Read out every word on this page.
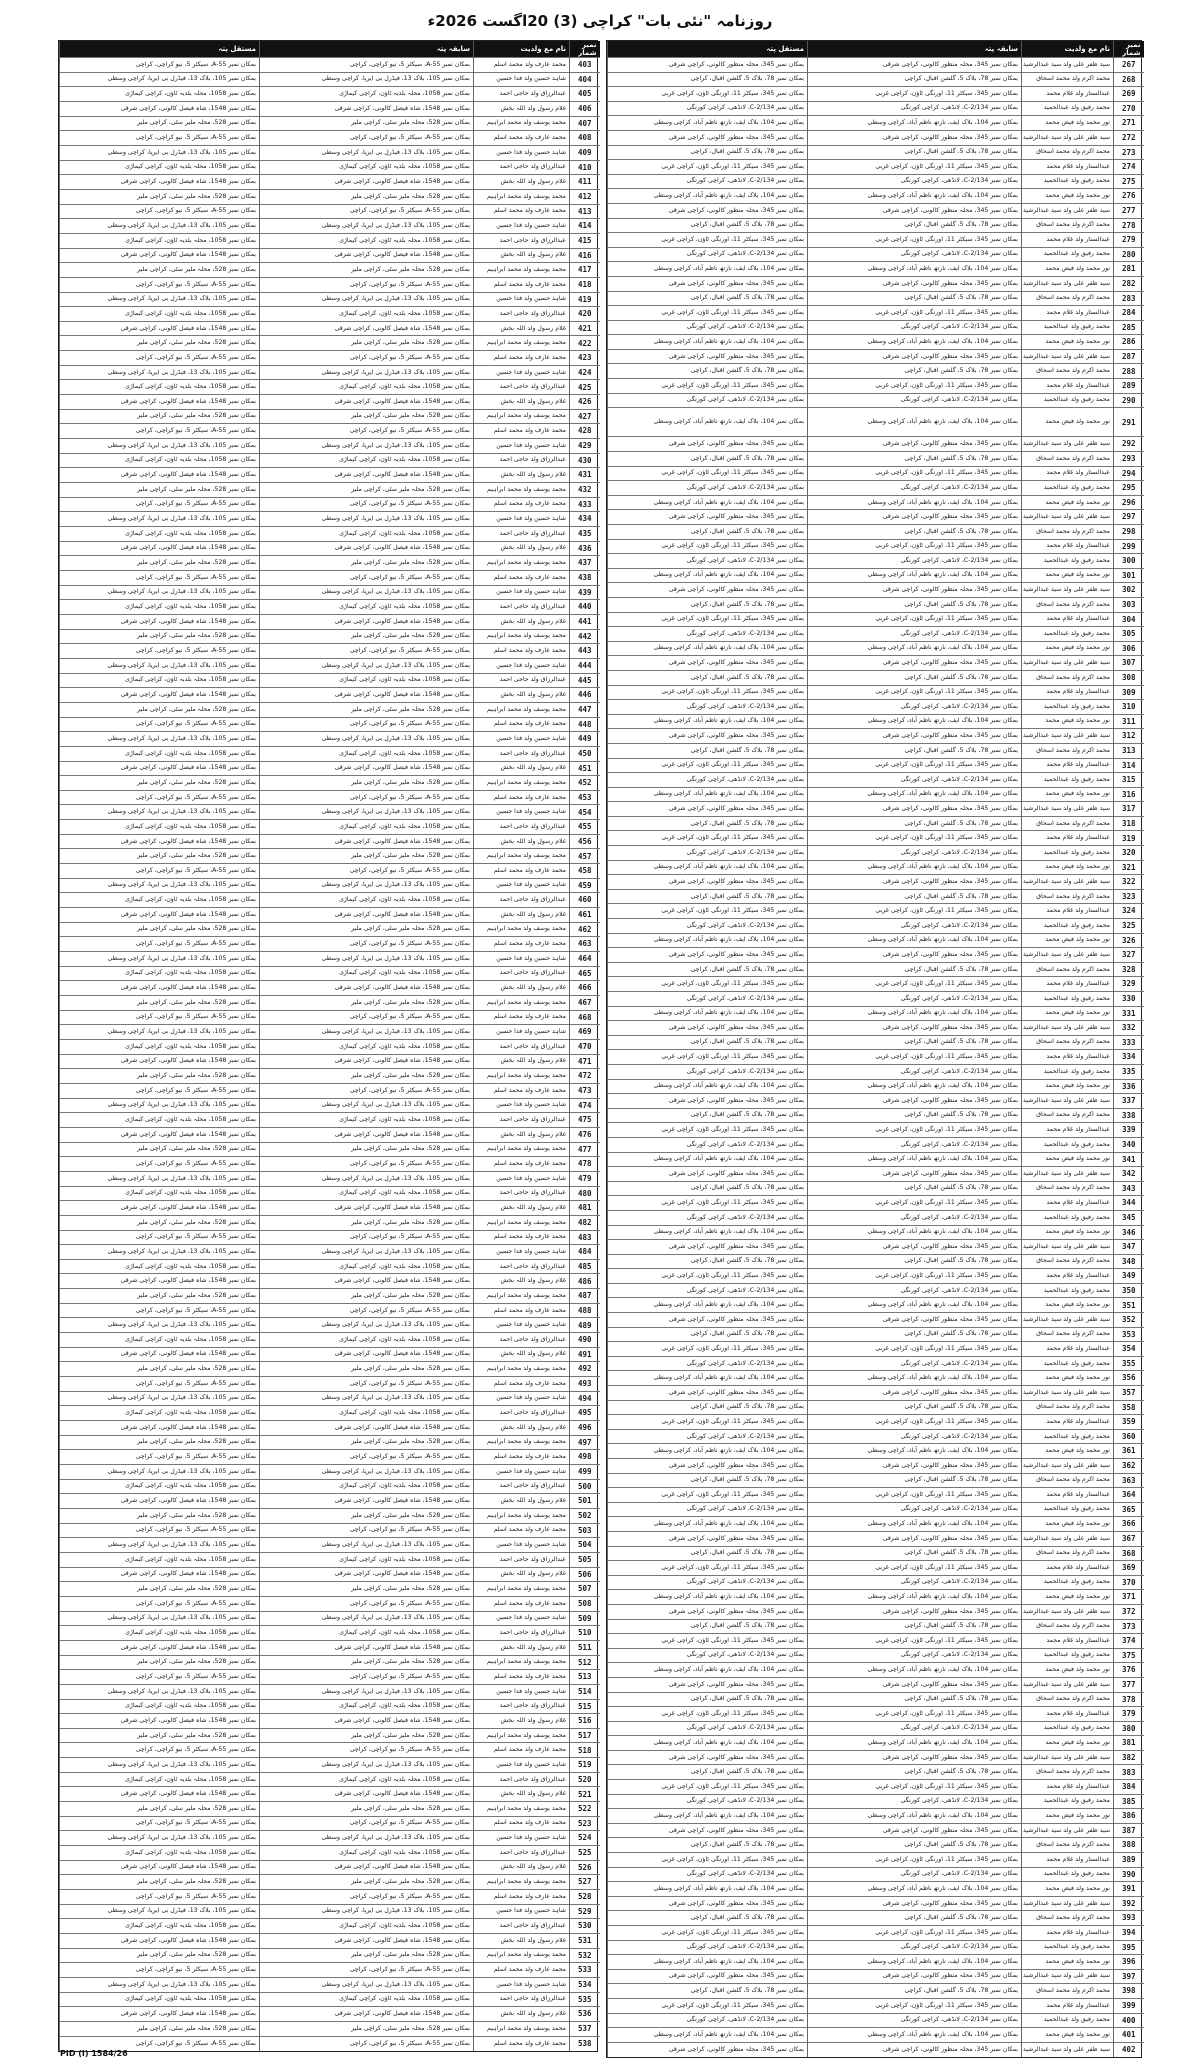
روزنامہ "نئی بات" کراچی (3) 20اگست 2026ء
نمبر شمار	نام مع ولدیت	سابقہ پتہ	مستقل پتہ
267	سید ظفر علی ولد سید عبدالرشید	بمکان نمبر 345، محلہ منظور کالونی، کراچی شرقی	بمکان نمبر 345، محلہ منظور کالونی، کراچی شرقی
268	محمد اکرم ولد محمد اسحاق	بمکان نمبر 78، بلاک 5، گلشن اقبال، کراچی	بمکان نمبر 78، بلاک 5، گلشن اقبال، کراچی
269	عبدالستار ولد غلام محمد	بمکان نمبر 345، سیکٹر 11، اورنگی ٹاؤن، کراچی غربی	بمکان نمبر 345، سیکٹر 11، اورنگی ٹاؤن، کراچی غربی
270	محمد رفیق ولد عبدالحمید	بمکان نمبر 2/134-C، لانڈھی، کراچی کورنگی	بمکان نمبر 2/134-C، لانڈھی، کراچی کورنگی
271	نور محمد ولد فیض محمد	بمکان نمبر 104، بلاک ایف، نارتھ ناظم آباد، کراچی وسطی	بمکان نمبر 104، بلاک ایف، نارتھ ناظم آباد، کراچی وسطی
272	سید ظفر علی ولد سید عبدالرشید	بمکان نمبر 345، محلہ منظور کالونی، کراچی شرقی	بمکان نمبر 345، محلہ منظور کالونی، کراچی شرقی
273	محمد اکرم ولد محمد اسحاق	بمکان نمبر 78، بلاک 5، گلشن اقبال، کراچی	بمکان نمبر 78، بلاک 5، گلشن اقبال، کراچی
274	عبدالستار ولد غلام محمد	بمکان نمبر 345، سیکٹر 11، اورنگی ٹاؤن، کراچی غربی	بمکان نمبر 345، سیکٹر 11، اورنگی ٹاؤن، کراچی غربی
275	محمد رفیق ولد عبدالحمید	بمکان نمبر 2/134-C، لانڈھی، کراچی کورنگی	بمکان نمبر 2/134-C، لانڈھی، کراچی کورنگی
276	نور محمد ولد فیض محمد	بمکان نمبر 104، بلاک ایف، نارتھ ناظم آباد، کراچی وسطی	بمکان نمبر 104، بلاک ایف، نارتھ ناظم آباد، کراچی وسطی
277	سید ظفر علی ولد سید عبدالرشید	بمکان نمبر 345، محلہ منظور کالونی، کراچی شرقی	بمکان نمبر 345، محلہ منظور کالونی، کراچی شرقی
278	محمد اکرم ولد محمد اسحاق	بمکان نمبر 78، بلاک 5، گلشن اقبال، کراچی	بمکان نمبر 78، بلاک 5، گلشن اقبال، کراچی
279	عبدالستار ولد غلام محمد	بمکان نمبر 345، سیکٹر 11، اورنگی ٹاؤن، کراچی غربی	بمکان نمبر 345، سیکٹر 11، اورنگی ٹاؤن، کراچی غربی
280	محمد رفیق ولد عبدالحمید	بمکان نمبر 2/134-C، لانڈھی، کراچی کورنگی	بمکان نمبر 2/134-C، لانڈھی، کراچی کورنگی
281	نور محمد ولد فیض محمد	بمکان نمبر 104، بلاک ایف، نارتھ ناظم آباد، کراچی وسطی	بمکان نمبر 104، بلاک ایف، نارتھ ناظم آباد، کراچی وسطی
282	سید ظفر علی ولد سید عبدالرشید	بمکان نمبر 345، محلہ منظور کالونی، کراچی شرقی	بمکان نمبر 345، محلہ منظور کالونی، کراچی شرقی
283	محمد اکرم ولد محمد اسحاق	بمکان نمبر 78، بلاک 5، گلشن اقبال، کراچی	بمکان نمبر 78، بلاک 5، گلشن اقبال، کراچی
284	عبدالستار ولد غلام محمد	بمکان نمبر 345، سیکٹر 11، اورنگی ٹاؤن، کراچی غربی	بمکان نمبر 345، سیکٹر 11، اورنگی ٹاؤن، کراچی غربی
285	محمد رفیق ولد عبدالحمید	بمکان نمبر 2/134-C، لانڈھی، کراچی کورنگی	بمکان نمبر 2/134-C، لانڈھی، کراچی کورنگی
286	نور محمد ولد فیض محمد	بمکان نمبر 104، بلاک ایف، نارتھ ناظم آباد، کراچی وسطی	بمکان نمبر 104، بلاک ایف، نارتھ ناظم آباد، کراچی وسطی
287	سید ظفر علی ولد سید عبدالرشید	بمکان نمبر 345، محلہ منظور کالونی، کراچی شرقی	بمکان نمبر 345، محلہ منظور کالونی، کراچی شرقی
288	محمد اکرم ولد محمد اسحاق	بمکان نمبر 78، بلاک 5، گلشن اقبال، کراچی	بمکان نمبر 78، بلاک 5، گلشن اقبال، کراچی
289	عبدالستار ولد غلام محمد	بمکان نمبر 345، سیکٹر 11، اورنگی ٹاؤن، کراچی غربی	بمکان نمبر 345، سیکٹر 11، اورنگی ٹاؤن، کراچی غربی
290	محمد رفیق ولد عبدالحمید	بمکان نمبر 2/134-C، لانڈھی، کراچی کورنگی	بمکان نمبر 2/134-C، لانڈھی، کراچی کورنگی
291	نور محمد ولد فیض محمد	بمکان نمبر 104، بلاک ایف، نارتھ ناظم آباد، کراچی وسطی	بمکان نمبر 104، بلاک ایف، نارتھ ناظم آباد، کراچی وسطی
292	سید ظفر علی ولد سید عبدالرشید	بمکان نمبر 345، محلہ منظور کالونی، کراچی شرقی	بمکان نمبر 345، محلہ منظور کالونی، کراچی شرقی
293	محمد اکرم ولد محمد اسحاق	بمکان نمبر 78، بلاک 5، گلشن اقبال، کراچی	بمکان نمبر 78، بلاک 5، گلشن اقبال، کراچی
294	عبدالستار ولد غلام محمد	بمکان نمبر 345، سیکٹر 11، اورنگی ٹاؤن، کراچی غربی	بمکان نمبر 345، سیکٹر 11، اورنگی ٹاؤن، کراچی غربی
295	محمد رفیق ولد عبدالحمید	بمکان نمبر 2/134-C، لانڈھی، کراچی کورنگی	بمکان نمبر 2/134-C، لانڈھی، کراچی کورنگی
296	نور محمد ولد فیض محمد	بمکان نمبر 104، بلاک ایف، نارتھ ناظم آباد، کراچی وسطی	بمکان نمبر 104، بلاک ایف، نارتھ ناظم آباد، کراچی وسطی
297	سید ظفر علی ولد سید عبدالرشید	بمکان نمبر 345، محلہ منظور کالونی، کراچی شرقی	بمکان نمبر 345، محلہ منظور کالونی، کراچی شرقی
298	محمد اکرم ولد محمد اسحاق	بمکان نمبر 78، بلاک 5، گلشن اقبال، کراچی	بمکان نمبر 78، بلاک 5، گلشن اقبال، کراچی
299	عبدالستار ولد غلام محمد	بمکان نمبر 345، سیکٹر 11، اورنگی ٹاؤن، کراچی غربی	بمکان نمبر 345، سیکٹر 11، اورنگی ٹاؤن، کراچی غربی
300	محمد رفیق ولد عبدالحمید	بمکان نمبر 2/134-C، لانڈھی، کراچی کورنگی	بمکان نمبر 2/134-C، لانڈھی، کراچی کورنگی
301	نور محمد ولد فیض محمد	بمکان نمبر 104، بلاک ایف، نارتھ ناظم آباد، کراچی وسطی	بمکان نمبر 104، بلاک ایف، نارتھ ناظم آباد، کراچی وسطی
302	سید ظفر علی ولد سید عبدالرشید	بمکان نمبر 345، محلہ منظور کالونی، کراچی شرقی	بمکان نمبر 345، محلہ منظور کالونی، کراچی شرقی
303	محمد اکرم ولد محمد اسحاق	بمکان نمبر 78، بلاک 5، گلشن اقبال، کراچی	بمکان نمبر 78، بلاک 5، گلشن اقبال، کراچی
304	عبدالستار ولد غلام محمد	بمکان نمبر 345، سیکٹر 11، اورنگی ٹاؤن، کراچی غربی	بمکان نمبر 345، سیکٹر 11، اورنگی ٹاؤن، کراچی غربی
305	محمد رفیق ولد عبدالحمید	بمکان نمبر 2/134-C، لانڈھی، کراچی کورنگی	بمکان نمبر 2/134-C، لانڈھی، کراچی کورنگی
306	نور محمد ولد فیض محمد	بمکان نمبر 104، بلاک ایف، نارتھ ناظم آباد، کراچی وسطی	بمکان نمبر 104، بلاک ایف، نارتھ ناظم آباد، کراچی وسطی
307	سید ظفر علی ولد سید عبدالرشید	بمکان نمبر 345، محلہ منظور کالونی، کراچی شرقی	بمکان نمبر 345، محلہ منظور کالونی، کراچی شرقی
308	محمد اکرم ولد محمد اسحاق	بمکان نمبر 78، بلاک 5، گلشن اقبال، کراچی	بمکان نمبر 78، بلاک 5، گلشن اقبال، کراچی
309	عبدالستار ولد غلام محمد	بمکان نمبر 345، سیکٹر 11، اورنگی ٹاؤن، کراچی غربی	بمکان نمبر 345، سیکٹر 11، اورنگی ٹاؤن، کراچی غربی
310	محمد رفیق ولد عبدالحمید	بمکان نمبر 2/134-C، لانڈھی، کراچی کورنگی	بمکان نمبر 2/134-C، لانڈھی، کراچی کورنگی
311	نور محمد ولد فیض محمد	بمکان نمبر 104، بلاک ایف، نارتھ ناظم آباد، کراچی وسطی	بمکان نمبر 104، بلاک ایف، نارتھ ناظم آباد، کراچی وسطی
312	سید ظفر علی ولد سید عبدالرشید	بمکان نمبر 345، محلہ منظور کالونی، کراچی شرقی	بمکان نمبر 345، محلہ منظور کالونی، کراچی شرقی
313	محمد اکرم ولد محمد اسحاق	بمکان نمبر 78، بلاک 5، گلشن اقبال، کراچی	بمکان نمبر 78، بلاک 5، گلشن اقبال، کراچی
314	عبدالستار ولد غلام محمد	بمکان نمبر 345، سیکٹر 11، اورنگی ٹاؤن، کراچی غربی	بمکان نمبر 345، سیکٹر 11، اورنگی ٹاؤن، کراچی غربی
315	محمد رفیق ولد عبدالحمید	بمکان نمبر 2/134-C، لانڈھی، کراچی کورنگی	بمکان نمبر 2/134-C، لانڈھی، کراچی کورنگی
316	نور محمد ولد فیض محمد	بمکان نمبر 104، بلاک ایف، نارتھ ناظم آباد، کراچی وسطی	بمکان نمبر 104، بلاک ایف، نارتھ ناظم آباد، کراچی وسطی
317	سید ظفر علی ولد سید عبدالرشید	بمکان نمبر 345، محلہ منظور کالونی، کراچی شرقی	بمکان نمبر 345، محلہ منظور کالونی، کراچی شرقی
318	محمد اکرم ولد محمد اسحاق	بمکان نمبر 78، بلاک 5، گلشن اقبال، کراچی	بمکان نمبر 78، بلاک 5، گلشن اقبال، کراچی
319	عبدالستار ولد غلام محمد	بمکان نمبر 345، سیکٹر 11، اورنگی ٹاؤن، کراچی غربی	بمکان نمبر 345، سیکٹر 11، اورنگی ٹاؤن، کراچی غربی
320	محمد رفیق ولد عبدالحمید	بمکان نمبر 2/134-C، لانڈھی، کراچی کورنگی	بمکان نمبر 2/134-C، لانڈھی، کراچی کورنگی
321	نور محمد ولد فیض محمد	بمکان نمبر 104، بلاک ایف، نارتھ ناظم آباد، کراچی وسطی	بمکان نمبر 104، بلاک ایف، نارتھ ناظم آباد، کراچی وسطی
322	سید ظفر علی ولد سید عبدالرشید	بمکان نمبر 345، محلہ منظور کالونی، کراچی شرقی	بمکان نمبر 345، محلہ منظور کالونی، کراچی شرقی
323	محمد اکرم ولد محمد اسحاق	بمکان نمبر 78، بلاک 5، گلشن اقبال، کراچی	بمکان نمبر 78، بلاک 5، گلشن اقبال، کراچی
324	عبدالستار ولد غلام محمد	بمکان نمبر 345، سیکٹر 11، اورنگی ٹاؤن، کراچی غربی	بمکان نمبر 345، سیکٹر 11، اورنگی ٹاؤن، کراچی غربی
325	محمد رفیق ولد عبدالحمید	بمکان نمبر 2/134-C، لانڈھی، کراچی کورنگی	بمکان نمبر 2/134-C، لانڈھی، کراچی کورنگی
326	نور محمد ولد فیض محمد	بمکان نمبر 104، بلاک ایف، نارتھ ناظم آباد، کراچی وسطی	بمکان نمبر 104، بلاک ایف، نارتھ ناظم آباد، کراچی وسطی
327	سید ظفر علی ولد سید عبدالرشید	بمکان نمبر 345، محلہ منظور کالونی، کراچی شرقی	بمکان نمبر 345، محلہ منظور کالونی، کراچی شرقی
328	محمد اکرم ولد محمد اسحاق	بمکان نمبر 78، بلاک 5، گلشن اقبال، کراچی	بمکان نمبر 78، بلاک 5، گلشن اقبال، کراچی
329	عبدالستار ولد غلام محمد	بمکان نمبر 345، سیکٹر 11، اورنگی ٹاؤن، کراچی غربی	بمکان نمبر 345، سیکٹر 11، اورنگی ٹاؤن، کراچی غربی
330	محمد رفیق ولد عبدالحمید	بمکان نمبر 2/134-C، لانڈھی، کراچی کورنگی	بمکان نمبر 2/134-C، لانڈھی، کراچی کورنگی
331	نور محمد ولد فیض محمد	بمکان نمبر 104، بلاک ایف، نارتھ ناظم آباد، کراچی وسطی	بمکان نمبر 104، بلاک ایف، نارتھ ناظم آباد، کراچی وسطی
332	سید ظفر علی ولد سید عبدالرشید	بمکان نمبر 345، محلہ منظور کالونی، کراچی شرقی	بمکان نمبر 345، محلہ منظور کالونی، کراچی شرقی
333	محمد اکرم ولد محمد اسحاق	بمکان نمبر 78، بلاک 5، گلشن اقبال، کراچی	بمکان نمبر 78، بلاک 5، گلشن اقبال، کراچی
334	عبدالستار ولد غلام محمد	بمکان نمبر 345، سیکٹر 11، اورنگی ٹاؤن، کراچی غربی	بمکان نمبر 345، سیکٹر 11، اورنگی ٹاؤن، کراچی غربی
335	محمد رفیق ولد عبدالحمید	بمکان نمبر 2/134-C، لانڈھی، کراچی کورنگی	بمکان نمبر 2/134-C، لانڈھی، کراچی کورنگی
336	نور محمد ولد فیض محمد	بمکان نمبر 104، بلاک ایف، نارتھ ناظم آباد، کراچی وسطی	بمکان نمبر 104، بلاک ایف، نارتھ ناظم آباد، کراچی وسطی
337	سید ظفر علی ولد سید عبدالرشید	بمکان نمبر 345، محلہ منظور کالونی، کراچی شرقی	بمکان نمبر 345، محلہ منظور کالونی، کراچی شرقی
338	محمد اکرم ولد محمد اسحاق	بمکان نمبر 78، بلاک 5، گلشن اقبال، کراچی	بمکان نمبر 78، بلاک 5، گلشن اقبال، کراچی
339	عبدالستار ولد غلام محمد	بمکان نمبر 345، سیکٹر 11، اورنگی ٹاؤن، کراچی غربی	بمکان نمبر 345، سیکٹر 11، اورنگی ٹاؤن، کراچی غربی
340	محمد رفیق ولد عبدالحمید	بمکان نمبر 2/134-C، لانڈھی، کراچی کورنگی	بمکان نمبر 2/134-C، لانڈھی، کراچی کورنگی
341	نور محمد ولد فیض محمد	بمکان نمبر 104، بلاک ایف، نارتھ ناظم آباد، کراچی وسطی	بمکان نمبر 104، بلاک ایف، نارتھ ناظم آباد، کراچی وسطی
342	سید ظفر علی ولد سید عبدالرشید	بمکان نمبر 345، محلہ منظور کالونی، کراچی شرقی	بمکان نمبر 345، محلہ منظور کالونی، کراچی شرقی
343	محمد اکرم ولد محمد اسحاق	بمکان نمبر 78، بلاک 5، گلشن اقبال، کراچی	بمکان نمبر 78، بلاک 5، گلشن اقبال، کراچی
344	عبدالستار ولد غلام محمد	بمکان نمبر 345، سیکٹر 11، اورنگی ٹاؤن، کراچی غربی	بمکان نمبر 345، سیکٹر 11، اورنگی ٹاؤن، کراچی غربی
345	محمد رفیق ولد عبدالحمید	بمکان نمبر 2/134-C، لانڈھی، کراچی کورنگی	بمکان نمبر 2/134-C، لانڈھی، کراچی کورنگی
346	نور محمد ولد فیض محمد	بمکان نمبر 104، بلاک ایف، نارتھ ناظم آباد، کراچی وسطی	بمکان نمبر 104، بلاک ایف، نارتھ ناظم آباد، کراچی وسطی
347	سید ظفر علی ولد سید عبدالرشید	بمکان نمبر 345، محلہ منظور کالونی، کراچی شرقی	بمکان نمبر 345، محلہ منظور کالونی، کراچی شرقی
348	محمد اکرم ولد محمد اسحاق	بمکان نمبر 78، بلاک 5، گلشن اقبال، کراچی	بمکان نمبر 78، بلاک 5، گلشن اقبال، کراچی
349	عبدالستار ولد غلام محمد	بمکان نمبر 345، سیکٹر 11، اورنگی ٹاؤن، کراچی غربی	بمکان نمبر 345، سیکٹر 11، اورنگی ٹاؤن، کراچی غربی
350	محمد رفیق ولد عبدالحمید	بمکان نمبر 2/134-C، لانڈھی، کراچی کورنگی	بمکان نمبر 2/134-C، لانڈھی، کراچی کورنگی
351	نور محمد ولد فیض محمد	بمکان نمبر 104، بلاک ایف، نارتھ ناظم آباد، کراچی وسطی	بمکان نمبر 104، بلاک ایف، نارتھ ناظم آباد، کراچی وسطی
352	سید ظفر علی ولد سید عبدالرشید	بمکان نمبر 345، محلہ منظور کالونی، کراچی شرقی	بمکان نمبر 345، محلہ منظور کالونی، کراچی شرقی
353	محمد اکرم ولد محمد اسحاق	بمکان نمبر 78، بلاک 5، گلشن اقبال، کراچی	بمکان نمبر 78، بلاک 5، گلشن اقبال، کراچی
354	عبدالستار ولد غلام محمد	بمکان نمبر 345، سیکٹر 11، اورنگی ٹاؤن، کراچی غربی	بمکان نمبر 345، سیکٹر 11، اورنگی ٹاؤن، کراچی غربی
355	محمد رفیق ولد عبدالحمید	بمکان نمبر 2/134-C، لانڈھی، کراچی کورنگی	بمکان نمبر 2/134-C، لانڈھی، کراچی کورنگی
356	نور محمد ولد فیض محمد	بمکان نمبر 104، بلاک ایف، نارتھ ناظم آباد، کراچی وسطی	بمکان نمبر 104، بلاک ایف، نارتھ ناظم آباد، کراچی وسطی
357	سید ظفر علی ولد سید عبدالرشید	بمکان نمبر 345، محلہ منظور کالونی، کراچی شرقی	بمکان نمبر 345، محلہ منظور کالونی، کراچی شرقی
358	محمد اکرم ولد محمد اسحاق	بمکان نمبر 78، بلاک 5، گلشن اقبال، کراچی	بمکان نمبر 78، بلاک 5، گلشن اقبال، کراچی
359	عبدالستار ولد غلام محمد	بمکان نمبر 345، سیکٹر 11، اورنگی ٹاؤن، کراچی غربی	بمکان نمبر 345، سیکٹر 11، اورنگی ٹاؤن، کراچی غربی
360	محمد رفیق ولد عبدالحمید	بمکان نمبر 2/134-C، لانڈھی، کراچی کورنگی	بمکان نمبر 2/134-C، لانڈھی، کراچی کورنگی
361	نور محمد ولد فیض محمد	بمکان نمبر 104، بلاک ایف، نارتھ ناظم آباد، کراچی وسطی	بمکان نمبر 104، بلاک ایف، نارتھ ناظم آباد، کراچی وسطی
362	سید ظفر علی ولد سید عبدالرشید	بمکان نمبر 345، محلہ منظور کالونی، کراچی شرقی	بمکان نمبر 345، محلہ منظور کالونی، کراچی شرقی
363	محمد اکرم ولد محمد اسحاق	بمکان نمبر 78، بلاک 5، گلشن اقبال، کراچی	بمکان نمبر 78، بلاک 5، گلشن اقبال، کراچی
364	عبدالستار ولد غلام محمد	بمکان نمبر 345، سیکٹر 11، اورنگی ٹاؤن، کراچی غربی	بمکان نمبر 345، سیکٹر 11، اورنگی ٹاؤن، کراچی غربی
365	محمد رفیق ولد عبدالحمید	بمکان نمبر 2/134-C، لانڈھی، کراچی کورنگی	بمکان نمبر 2/134-C، لانڈھی، کراچی کورنگی
366	نور محمد ولد فیض محمد	بمکان نمبر 104، بلاک ایف، نارتھ ناظم آباد، کراچی وسطی	بمکان نمبر 104، بلاک ایف، نارتھ ناظم آباد، کراچی وسطی
367	سید ظفر علی ولد سید عبدالرشید	بمکان نمبر 345، محلہ منظور کالونی، کراچی شرقی	بمکان نمبر 345، محلہ منظور کالونی، کراچی شرقی
368	محمد اکرم ولد محمد اسحاق	بمکان نمبر 78، بلاک 5، گلشن اقبال، کراچی	بمکان نمبر 78، بلاک 5، گلشن اقبال، کراچی
369	عبدالستار ولد غلام محمد	بمکان نمبر 345، سیکٹر 11، اورنگی ٹاؤن، کراچی غربی	بمکان نمبر 345، سیکٹر 11، اورنگی ٹاؤن، کراچی غربی
370	محمد رفیق ولد عبدالحمید	بمکان نمبر 2/134-C، لانڈھی، کراچی کورنگی	بمکان نمبر 2/134-C، لانڈھی، کراچی کورنگی
371	نور محمد ولد فیض محمد	بمکان نمبر 104، بلاک ایف، نارتھ ناظم آباد، کراچی وسطی	بمکان نمبر 104، بلاک ایف، نارتھ ناظم آباد، کراچی وسطی
372	سید ظفر علی ولد سید عبدالرشید	بمکان نمبر 345، محلہ منظور کالونی، کراچی شرقی	بمکان نمبر 345، محلہ منظور کالونی، کراچی شرقی
373	محمد اکرم ولد محمد اسحاق	بمکان نمبر 78، بلاک 5، گلشن اقبال، کراچی	بمکان نمبر 78، بلاک 5، گلشن اقبال، کراچی
374	عبدالستار ولد غلام محمد	بمکان نمبر 345، سیکٹر 11، اورنگی ٹاؤن، کراچی غربی	بمکان نمبر 345، سیکٹر 11، اورنگی ٹاؤن، کراچی غربی
375	محمد رفیق ولد عبدالحمید	بمکان نمبر 2/134-C، لانڈھی، کراچی کورنگی	بمکان نمبر 2/134-C، لانڈھی، کراچی کورنگی
376	نور محمد ولد فیض محمد	بمکان نمبر 104، بلاک ایف، نارتھ ناظم آباد، کراچی وسطی	بمکان نمبر 104، بلاک ایف، نارتھ ناظم آباد، کراچی وسطی
377	سید ظفر علی ولد سید عبدالرشید	بمکان نمبر 345، محلہ منظور کالونی، کراچی شرقی	بمکان نمبر 345، محلہ منظور کالونی، کراچی شرقی
378	محمد اکرم ولد محمد اسحاق	بمکان نمبر 78، بلاک 5، گلشن اقبال، کراچی	بمکان نمبر 78، بلاک 5، گلشن اقبال، کراچی
379	عبدالستار ولد غلام محمد	بمکان نمبر 345، سیکٹر 11، اورنگی ٹاؤن، کراچی غربی	بمکان نمبر 345، سیکٹر 11، اورنگی ٹاؤن، کراچی غربی
380	محمد رفیق ولد عبدالحمید	بمکان نمبر 2/134-C، لانڈھی، کراچی کورنگی	بمکان نمبر 2/134-C، لانڈھی، کراچی کورنگی
381	نور محمد ولد فیض محمد	بمکان نمبر 104، بلاک ایف، نارتھ ناظم آباد، کراچی وسطی	بمکان نمبر 104، بلاک ایف، نارتھ ناظم آباد، کراچی وسطی
382	سید ظفر علی ولد سید عبدالرشید	بمکان نمبر 345، محلہ منظور کالونی، کراچی شرقی	بمکان نمبر 345، محلہ منظور کالونی، کراچی شرقی
383	محمد اکرم ولد محمد اسحاق	بمکان نمبر 78، بلاک 5، گلشن اقبال، کراچی	بمکان نمبر 78، بلاک 5، گلشن اقبال، کراچی
384	عبدالستار ولد غلام محمد	بمکان نمبر 345، سیکٹر 11، اورنگی ٹاؤن، کراچی غربی	بمکان نمبر 345، سیکٹر 11، اورنگی ٹاؤن، کراچی غربی
385	محمد رفیق ولد عبدالحمید	بمکان نمبر 2/134-C، لانڈھی، کراچی کورنگی	بمکان نمبر 2/134-C، لانڈھی، کراچی کورنگی
386	نور محمد ولد فیض محمد	بمکان نمبر 104، بلاک ایف، نارتھ ناظم آباد، کراچی وسطی	بمکان نمبر 104، بلاک ایف، نارتھ ناظم آباد، کراچی وسطی
387	سید ظفر علی ولد سید عبدالرشید	بمکان نمبر 345، محلہ منظور کالونی، کراچی شرقی	بمکان نمبر 345، محلہ منظور کالونی، کراچی شرقی
388	محمد اکرم ولد محمد اسحاق	بمکان نمبر 78، بلاک 5، گلشن اقبال، کراچی	بمکان نمبر 78، بلاک 5، گلشن اقبال، کراچی
389	عبدالستار ولد غلام محمد	بمکان نمبر 345، سیکٹر 11، اورنگی ٹاؤن، کراچی غربی	بمکان نمبر 345، سیکٹر 11، اورنگی ٹاؤن، کراچی غربی
390	محمد رفیق ولد عبدالحمید	بمکان نمبر 2/134-C، لانڈھی، کراچی کورنگی	بمکان نمبر 2/134-C، لانڈھی، کراچی کورنگی
391	نور محمد ولد فیض محمد	بمکان نمبر 104، بلاک ایف، نارتھ ناظم آباد، کراچی وسطی	بمکان نمبر 104، بلاک ایف، نارتھ ناظم آباد، کراچی وسطی
392	سید ظفر علی ولد سید عبدالرشید	بمکان نمبر 345، محلہ منظور کالونی، کراچی شرقی	بمکان نمبر 345، محلہ منظور کالونی، کراچی شرقی
393	محمد اکرم ولد محمد اسحاق	بمکان نمبر 78، بلاک 5، گلشن اقبال، کراچی	بمکان نمبر 78، بلاک 5، گلشن اقبال، کراچی
394	عبدالستار ولد غلام محمد	بمکان نمبر 345، سیکٹر 11، اورنگی ٹاؤن، کراچی غربی	بمکان نمبر 345، سیکٹر 11، اورنگی ٹاؤن، کراچی غربی
395	محمد رفیق ولد عبدالحمید	بمکان نمبر 2/134-C، لانڈھی، کراچی کورنگی	بمکان نمبر 2/134-C، لانڈھی، کراچی کورنگی
396	نور محمد ولد فیض محمد	بمکان نمبر 104، بلاک ایف، نارتھ ناظم آباد، کراچی وسطی	بمکان نمبر 104، بلاک ایف، نارتھ ناظم آباد، کراچی وسطی
397	سید ظفر علی ولد سید عبدالرشید	بمکان نمبر 345، محلہ منظور کالونی، کراچی شرقی	بمکان نمبر 345، محلہ منظور کالونی، کراچی شرقی
398	محمد اکرم ولد محمد اسحاق	بمکان نمبر 78، بلاک 5، گلشن اقبال، کراچی	بمکان نمبر 78، بلاک 5، گلشن اقبال، کراچی
399	عبدالستار ولد غلام محمد	بمکان نمبر 345، سیکٹر 11، اورنگی ٹاؤن، کراچی غربی	بمکان نمبر 345، سیکٹر 11، اورنگی ٹاؤن، کراچی غربی
400	محمد رفیق ولد عبدالحمید	بمکان نمبر 2/134-C، لانڈھی، کراچی کورنگی	بمکان نمبر 2/134-C، لانڈھی، کراچی کورنگی
401	نور محمد ولد فیض محمد	بمکان نمبر 104، بلاک ایف، نارتھ ناظم آباد، کراچی وسطی	بمکان نمبر 104، بلاک ایف، نارتھ ناظم آباد، کراچی وسطی
402	سید ظفر علی ولد سید عبدالرشید	بمکان نمبر 345، محلہ منظور کالونی، کراچی شرقی	بمکان نمبر 345، محلہ منظور کالونی، کراچی شرقی
نمبر شمار	نام مع ولدیت	سابقہ پتہ	مستقل پتہ
403	محمد عارف ولد محمد اسلم	بمکان نمبر A-55، سیکٹر 5، نیو کراچی، کراچی	بمکان نمبر A-55، سیکٹر 5، نیو کراچی، کراچی
404	شاہد حسین ولد فدا حسین	بمکان نمبر 105، بلاک 13، فیڈرل بی ایریا، کراچی وسطی	بمکان نمبر 105، بلاک 13، فیڈرل بی ایریا، کراچی وسطی
405	عبدالرزاق ولد حاجی احمد	بمکان نمبر 1058، محلہ بلدیہ ٹاؤن، کراچی کیماڑی	بمکان نمبر 1058، محلہ بلدیہ ٹاؤن، کراچی کیماڑی
406	غلام رسول ولد اللہ بخش	بمکان نمبر 1548، شاہ فیصل کالونی، کراچی شرقی	بمکان نمبر 1548، شاہ فیصل کالونی، کراچی شرقی
407	محمد یوسف ولد محمد ابراہیم	بمکان نمبر 528، محلہ ملیر سٹی، کراچی ملیر	بمکان نمبر 528، محلہ ملیر سٹی، کراچی ملیر
408	محمد عارف ولد محمد اسلم	بمکان نمبر A-55، سیکٹر 5، نیو کراچی، کراچی	بمکان نمبر A-55، سیکٹر 5، نیو کراچی، کراچی
409	شاہد حسین ولد فدا حسین	بمکان نمبر 105، بلاک 13، فیڈرل بی ایریا، کراچی وسطی	بمکان نمبر 105، بلاک 13، فیڈرل بی ایریا، کراچی وسطی
410	عبدالرزاق ولد حاجی احمد	بمکان نمبر 1058، محلہ بلدیہ ٹاؤن، کراچی کیماڑی	بمکان نمبر 1058، محلہ بلدیہ ٹاؤن، کراچی کیماڑی
411	غلام رسول ولد اللہ بخش	بمکان نمبر 1548، شاہ فیصل کالونی، کراچی شرقی	بمکان نمبر 1548، شاہ فیصل کالونی، کراچی شرقی
412	محمد یوسف ولد محمد ابراہیم	بمکان نمبر 528، محلہ ملیر سٹی، کراچی ملیر	بمکان نمبر 528، محلہ ملیر سٹی، کراچی ملیر
413	محمد عارف ولد محمد اسلم	بمکان نمبر A-55، سیکٹر 5، نیو کراچی، کراچی	بمکان نمبر A-55، سیکٹر 5، نیو کراچی، کراچی
414	شاہد حسین ولد فدا حسین	بمکان نمبر 105، بلاک 13، فیڈرل بی ایریا، کراچی وسطی	بمکان نمبر 105، بلاک 13، فیڈرل بی ایریا، کراچی وسطی
415	عبدالرزاق ولد حاجی احمد	بمکان نمبر 1058، محلہ بلدیہ ٹاؤن، کراچی کیماڑی	بمکان نمبر 1058، محلہ بلدیہ ٹاؤن، کراچی کیماڑی
416	غلام رسول ولد اللہ بخش	بمکان نمبر 1548، شاہ فیصل کالونی، کراچی شرقی	بمکان نمبر 1548، شاہ فیصل کالونی، کراچی شرقی
417	محمد یوسف ولد محمد ابراہیم	بمکان نمبر 528، محلہ ملیر سٹی، کراچی ملیر	بمکان نمبر 528، محلہ ملیر سٹی، کراچی ملیر
418	محمد عارف ولد محمد اسلم	بمکان نمبر A-55، سیکٹر 5، نیو کراچی، کراچی	بمکان نمبر A-55، سیکٹر 5، نیو کراچی، کراچی
419	شاہد حسین ولد فدا حسین	بمکان نمبر 105، بلاک 13، فیڈرل بی ایریا، کراچی وسطی	بمکان نمبر 105، بلاک 13، فیڈرل بی ایریا، کراچی وسطی
420	عبدالرزاق ولد حاجی احمد	بمکان نمبر 1058، محلہ بلدیہ ٹاؤن، کراچی کیماڑی	بمکان نمبر 1058، محلہ بلدیہ ٹاؤن، کراچی کیماڑی
421	غلام رسول ولد اللہ بخش	بمکان نمبر 1548، شاہ فیصل کالونی، کراچی شرقی	بمکان نمبر 1548، شاہ فیصل کالونی، کراچی شرقی
422	محمد یوسف ولد محمد ابراہیم	بمکان نمبر 528، محلہ ملیر سٹی، کراچی ملیر	بمکان نمبر 528، محلہ ملیر سٹی، کراچی ملیر
423	محمد عارف ولد محمد اسلم	بمکان نمبر A-55، سیکٹر 5، نیو کراچی، کراچی	بمکان نمبر A-55، سیکٹر 5، نیو کراچی، کراچی
424	شاہد حسین ولد فدا حسین	بمکان نمبر 105، بلاک 13، فیڈرل بی ایریا، کراچی وسطی	بمکان نمبر 105، بلاک 13، فیڈرل بی ایریا، کراچی وسطی
425	عبدالرزاق ولد حاجی احمد	بمکان نمبر 1058، محلہ بلدیہ ٹاؤن، کراچی کیماڑی	بمکان نمبر 1058، محلہ بلدیہ ٹاؤن، کراچی کیماڑی
426	غلام رسول ولد اللہ بخش	بمکان نمبر 1548، شاہ فیصل کالونی، کراچی شرقی	بمکان نمبر 1548، شاہ فیصل کالونی، کراچی شرقی
427	محمد یوسف ولد محمد ابراہیم	بمکان نمبر 528، محلہ ملیر سٹی، کراچی ملیر	بمکان نمبر 528، محلہ ملیر سٹی، کراچی ملیر
428	محمد عارف ولد محمد اسلم	بمکان نمبر A-55، سیکٹر 5، نیو کراچی، کراچی	بمکان نمبر A-55، سیکٹر 5، نیو کراچی، کراچی
429	شاہد حسین ولد فدا حسین	بمکان نمبر 105، بلاک 13، فیڈرل بی ایریا، کراچی وسطی	بمکان نمبر 105، بلاک 13، فیڈرل بی ایریا، کراچی وسطی
430	عبدالرزاق ولد حاجی احمد	بمکان نمبر 1058، محلہ بلدیہ ٹاؤن، کراچی کیماڑی	بمکان نمبر 1058، محلہ بلدیہ ٹاؤن، کراچی کیماڑی
431	غلام رسول ولد اللہ بخش	بمکان نمبر 1548، شاہ فیصل کالونی، کراچی شرقی	بمکان نمبر 1548، شاہ فیصل کالونی، کراچی شرقی
432	محمد یوسف ولد محمد ابراہیم	بمکان نمبر 528، محلہ ملیر سٹی، کراچی ملیر	بمکان نمبر 528، محلہ ملیر سٹی، کراچی ملیر
433	محمد عارف ولد محمد اسلم	بمکان نمبر A-55، سیکٹر 5، نیو کراچی، کراچی	بمکان نمبر A-55، سیکٹر 5، نیو کراچی، کراچی
434	شاہد حسین ولد فدا حسین	بمکان نمبر 105، بلاک 13، فیڈرل بی ایریا، کراچی وسطی	بمکان نمبر 105، بلاک 13، فیڈرل بی ایریا، کراچی وسطی
435	عبدالرزاق ولد حاجی احمد	بمکان نمبر 1058، محلہ بلدیہ ٹاؤن، کراچی کیماڑی	بمکان نمبر 1058، محلہ بلدیہ ٹاؤن، کراچی کیماڑی
436	غلام رسول ولد اللہ بخش	بمکان نمبر 1548، شاہ فیصل کالونی، کراچی شرقی	بمکان نمبر 1548، شاہ فیصل کالونی، کراچی شرقی
437	محمد یوسف ولد محمد ابراہیم	بمکان نمبر 528، محلہ ملیر سٹی، کراچی ملیر	بمکان نمبر 528، محلہ ملیر سٹی، کراچی ملیر
438	محمد عارف ولد محمد اسلم	بمکان نمبر A-55، سیکٹر 5، نیو کراچی، کراچی	بمکان نمبر A-55، سیکٹر 5، نیو کراچی، کراچی
439	شاہد حسین ولد فدا حسین	بمکان نمبر 105، بلاک 13، فیڈرل بی ایریا، کراچی وسطی	بمکان نمبر 105، بلاک 13، فیڈرل بی ایریا، کراچی وسطی
440	عبدالرزاق ولد حاجی احمد	بمکان نمبر 1058، محلہ بلدیہ ٹاؤن، کراچی کیماڑی	بمکان نمبر 1058، محلہ بلدیہ ٹاؤن، کراچی کیماڑی
441	غلام رسول ولد اللہ بخش	بمکان نمبر 1548، شاہ فیصل کالونی، کراچی شرقی	بمکان نمبر 1548، شاہ فیصل کالونی، کراچی شرقی
442	محمد یوسف ولد محمد ابراہیم	بمکان نمبر 528، محلہ ملیر سٹی، کراچی ملیر	بمکان نمبر 528، محلہ ملیر سٹی، کراچی ملیر
443	محمد عارف ولد محمد اسلم	بمکان نمبر A-55، سیکٹر 5، نیو کراچی، کراچی	بمکان نمبر A-55، سیکٹر 5، نیو کراچی، کراچی
444	شاہد حسین ولد فدا حسین	بمکان نمبر 105، بلاک 13، فیڈرل بی ایریا، کراچی وسطی	بمکان نمبر 105، بلاک 13، فیڈرل بی ایریا، کراچی وسطی
445	عبدالرزاق ولد حاجی احمد	بمکان نمبر 1058، محلہ بلدیہ ٹاؤن، کراچی کیماڑی	بمکان نمبر 1058، محلہ بلدیہ ٹاؤن، کراچی کیماڑی
446	غلام رسول ولد اللہ بخش	بمکان نمبر 1548، شاہ فیصل کالونی، کراچی شرقی	بمکان نمبر 1548، شاہ فیصل کالونی، کراچی شرقی
447	محمد یوسف ولد محمد ابراہیم	بمکان نمبر 528، محلہ ملیر سٹی، کراچی ملیر	بمکان نمبر 528، محلہ ملیر سٹی، کراچی ملیر
448	محمد عارف ولد محمد اسلم	بمکان نمبر A-55، سیکٹر 5، نیو کراچی، کراچی	بمکان نمبر A-55، سیکٹر 5، نیو کراچی، کراچی
449	شاہد حسین ولد فدا حسین	بمکان نمبر 105، بلاک 13، فیڈرل بی ایریا، کراچی وسطی	بمکان نمبر 105، بلاک 13، فیڈرل بی ایریا، کراچی وسطی
450	عبدالرزاق ولد حاجی احمد	بمکان نمبر 1058، محلہ بلدیہ ٹاؤن، کراچی کیماڑی	بمکان نمبر 1058، محلہ بلدیہ ٹاؤن، کراچی کیماڑی
451	غلام رسول ولد اللہ بخش	بمکان نمبر 1548، شاہ فیصل کالونی، کراچی شرقی	بمکان نمبر 1548، شاہ فیصل کالونی، کراچی شرقی
452	محمد یوسف ولد محمد ابراہیم	بمکان نمبر 528، محلہ ملیر سٹی، کراچی ملیر	بمکان نمبر 528، محلہ ملیر سٹی، کراچی ملیر
453	محمد عارف ولد محمد اسلم	بمکان نمبر A-55، سیکٹر 5، نیو کراچی، کراچی	بمکان نمبر A-55، سیکٹر 5، نیو کراچی، کراچی
454	شاہد حسین ولد فدا حسین	بمکان نمبر 105، بلاک 13، فیڈرل بی ایریا، کراچی وسطی	بمکان نمبر 105، بلاک 13، فیڈرل بی ایریا، کراچی وسطی
455	عبدالرزاق ولد حاجی احمد	بمکان نمبر 1058، محلہ بلدیہ ٹاؤن، کراچی کیماڑی	بمکان نمبر 1058، محلہ بلدیہ ٹاؤن، کراچی کیماڑی
456	غلام رسول ولد اللہ بخش	بمکان نمبر 1548، شاہ فیصل کالونی، کراچی شرقی	بمکان نمبر 1548، شاہ فیصل کالونی، کراچی شرقی
457	محمد یوسف ولد محمد ابراہیم	بمکان نمبر 528، محلہ ملیر سٹی، کراچی ملیر	بمکان نمبر 528، محلہ ملیر سٹی، کراچی ملیر
458	محمد عارف ولد محمد اسلم	بمکان نمبر A-55، سیکٹر 5، نیو کراچی، کراچی	بمکان نمبر A-55، سیکٹر 5، نیو کراچی، کراچی
459	شاہد حسین ولد فدا حسین	بمکان نمبر 105، بلاک 13، فیڈرل بی ایریا، کراچی وسطی	بمکان نمبر 105، بلاک 13، فیڈرل بی ایریا، کراچی وسطی
460	عبدالرزاق ولد حاجی احمد	بمکان نمبر 1058، محلہ بلدیہ ٹاؤن، کراچی کیماڑی	بمکان نمبر 1058، محلہ بلدیہ ٹاؤن، کراچی کیماڑی
461	غلام رسول ولد اللہ بخش	بمکان نمبر 1548، شاہ فیصل کالونی، کراچی شرقی	بمکان نمبر 1548، شاہ فیصل کالونی، کراچی شرقی
462	محمد یوسف ولد محمد ابراہیم	بمکان نمبر 528، محلہ ملیر سٹی، کراچی ملیر	بمکان نمبر 528، محلہ ملیر سٹی، کراچی ملیر
463	محمد عارف ولد محمد اسلم	بمکان نمبر A-55، سیکٹر 5، نیو کراچی، کراچی	بمکان نمبر A-55، سیکٹر 5، نیو کراچی، کراچی
464	شاہد حسین ولد فدا حسین	بمکان نمبر 105، بلاک 13، فیڈرل بی ایریا، کراچی وسطی	بمکان نمبر 105، بلاک 13، فیڈرل بی ایریا، کراچی وسطی
465	عبدالرزاق ولد حاجی احمد	بمکان نمبر 1058، محلہ بلدیہ ٹاؤن، کراچی کیماڑی	بمکان نمبر 1058، محلہ بلدیہ ٹاؤن، کراچی کیماڑی
466	غلام رسول ولد اللہ بخش	بمکان نمبر 1548، شاہ فیصل کالونی، کراچی شرقی	بمکان نمبر 1548، شاہ فیصل کالونی، کراچی شرقی
467	محمد یوسف ولد محمد ابراہیم	بمکان نمبر 528، محلہ ملیر سٹی، کراچی ملیر	بمکان نمبر 528، محلہ ملیر سٹی، کراچی ملیر
468	محمد عارف ولد محمد اسلم	بمکان نمبر A-55، سیکٹر 5، نیو کراچی، کراچی	بمکان نمبر A-55، سیکٹر 5، نیو کراچی، کراچی
469	شاہد حسین ولد فدا حسین	بمکان نمبر 105، بلاک 13، فیڈرل بی ایریا، کراچی وسطی	بمکان نمبر 105، بلاک 13، فیڈرل بی ایریا، کراچی وسطی
470	عبدالرزاق ولد حاجی احمد	بمکان نمبر 1058، محلہ بلدیہ ٹاؤن، کراچی کیماڑی	بمکان نمبر 1058، محلہ بلدیہ ٹاؤن، کراچی کیماڑی
471	غلام رسول ولد اللہ بخش	بمکان نمبر 1548، شاہ فیصل کالونی، کراچی شرقی	بمکان نمبر 1548، شاہ فیصل کالونی، کراچی شرقی
472	محمد یوسف ولد محمد ابراہیم	بمکان نمبر 528، محلہ ملیر سٹی، کراچی ملیر	بمکان نمبر 528، محلہ ملیر سٹی، کراچی ملیر
473	محمد عارف ولد محمد اسلم	بمکان نمبر A-55، سیکٹر 5، نیو کراچی، کراچی	بمکان نمبر A-55، سیکٹر 5، نیو کراچی، کراچی
474	شاہد حسین ولد فدا حسین	بمکان نمبر 105، بلاک 13، فیڈرل بی ایریا، کراچی وسطی	بمکان نمبر 105، بلاک 13، فیڈرل بی ایریا، کراچی وسطی
475	عبدالرزاق ولد حاجی احمد	بمکان نمبر 1058، محلہ بلدیہ ٹاؤن، کراچی کیماڑی	بمکان نمبر 1058، محلہ بلدیہ ٹاؤن، کراچی کیماڑی
476	غلام رسول ولد اللہ بخش	بمکان نمبر 1548، شاہ فیصل کالونی، کراچی شرقی	بمکان نمبر 1548، شاہ فیصل کالونی، کراچی شرقی
477	محمد یوسف ولد محمد ابراہیم	بمکان نمبر 528، محلہ ملیر سٹی، کراچی ملیر	بمکان نمبر 528، محلہ ملیر سٹی، کراچی ملیر
478	محمد عارف ولد محمد اسلم	بمکان نمبر A-55، سیکٹر 5، نیو کراچی، کراچی	بمکان نمبر A-55، سیکٹر 5، نیو کراچی، کراچی
479	شاہد حسین ولد فدا حسین	بمکان نمبر 105، بلاک 13، فیڈرل بی ایریا، کراچی وسطی	بمکان نمبر 105، بلاک 13، فیڈرل بی ایریا، کراچی وسطی
480	عبدالرزاق ولد حاجی احمد	بمکان نمبر 1058، محلہ بلدیہ ٹاؤن، کراچی کیماڑی	بمکان نمبر 1058، محلہ بلدیہ ٹاؤن، کراچی کیماڑی
481	غلام رسول ولد اللہ بخش	بمکان نمبر 1548، شاہ فیصل کالونی، کراچی شرقی	بمکان نمبر 1548، شاہ فیصل کالونی، کراچی شرقی
482	محمد یوسف ولد محمد ابراہیم	بمکان نمبر 528، محلہ ملیر سٹی، کراچی ملیر	بمکان نمبر 528، محلہ ملیر سٹی، کراچی ملیر
483	محمد عارف ولد محمد اسلم	بمکان نمبر A-55، سیکٹر 5، نیو کراچی، کراچی	بمکان نمبر A-55، سیکٹر 5، نیو کراچی، کراچی
484	شاہد حسین ولد فدا حسین	بمکان نمبر 105، بلاک 13، فیڈرل بی ایریا، کراچی وسطی	بمکان نمبر 105، بلاک 13، فیڈرل بی ایریا، کراچی وسطی
485	عبدالرزاق ولد حاجی احمد	بمکان نمبر 1058، محلہ بلدیہ ٹاؤن، کراچی کیماڑی	بمکان نمبر 1058، محلہ بلدیہ ٹاؤن، کراچی کیماڑی
486	غلام رسول ولد اللہ بخش	بمکان نمبر 1548، شاہ فیصل کالونی، کراچی شرقی	بمکان نمبر 1548، شاہ فیصل کالونی، کراچی شرقی
487	محمد یوسف ولد محمد ابراہیم	بمکان نمبر 528، محلہ ملیر سٹی، کراچی ملیر	بمکان نمبر 528، محلہ ملیر سٹی، کراچی ملیر
488	محمد عارف ولد محمد اسلم	بمکان نمبر A-55، سیکٹر 5، نیو کراچی، کراچی	بمکان نمبر A-55، سیکٹر 5، نیو کراچی، کراچی
489	شاہد حسین ولد فدا حسین	بمکان نمبر 105، بلاک 13، فیڈرل بی ایریا، کراچی وسطی	بمکان نمبر 105، بلاک 13، فیڈرل بی ایریا، کراچی وسطی
490	عبدالرزاق ولد حاجی احمد	بمکان نمبر 1058، محلہ بلدیہ ٹاؤن، کراچی کیماڑی	بمکان نمبر 1058، محلہ بلدیہ ٹاؤن، کراچی کیماڑی
491	غلام رسول ولد اللہ بخش	بمکان نمبر 1548، شاہ فیصل کالونی، کراچی شرقی	بمکان نمبر 1548، شاہ فیصل کالونی، کراچی شرقی
492	محمد یوسف ولد محمد ابراہیم	بمکان نمبر 528، محلہ ملیر سٹی، کراچی ملیر	بمکان نمبر 528، محلہ ملیر سٹی، کراچی ملیر
493	محمد عارف ولد محمد اسلم	بمکان نمبر A-55، سیکٹر 5، نیو کراچی، کراچی	بمکان نمبر A-55، سیکٹر 5، نیو کراچی، کراچی
494	شاہد حسین ولد فدا حسین	بمکان نمبر 105، بلاک 13، فیڈرل بی ایریا، کراچی وسطی	بمکان نمبر 105، بلاک 13، فیڈرل بی ایریا، کراچی وسطی
495	عبدالرزاق ولد حاجی احمد	بمکان نمبر 1058، محلہ بلدیہ ٹاؤن، کراچی کیماڑی	بمکان نمبر 1058، محلہ بلدیہ ٹاؤن، کراچی کیماڑی
496	غلام رسول ولد اللہ بخش	بمکان نمبر 1548، شاہ فیصل کالونی، کراچی شرقی	بمکان نمبر 1548، شاہ فیصل کالونی، کراچی شرقی
497	محمد یوسف ولد محمد ابراہیم	بمکان نمبر 528، محلہ ملیر سٹی، کراچی ملیر	بمکان نمبر 528، محلہ ملیر سٹی، کراچی ملیر
498	محمد عارف ولد محمد اسلم	بمکان نمبر A-55، سیکٹر 5، نیو کراچی، کراچی	بمکان نمبر A-55، سیکٹر 5، نیو کراچی، کراچی
499	شاہد حسین ولد فدا حسین	بمکان نمبر 105، بلاک 13، فیڈرل بی ایریا، کراچی وسطی	بمکان نمبر 105، بلاک 13، فیڈرل بی ایریا، کراچی وسطی
500	عبدالرزاق ولد حاجی احمد	بمکان نمبر 1058، محلہ بلدیہ ٹاؤن، کراچی کیماڑی	بمکان نمبر 1058، محلہ بلدیہ ٹاؤن، کراچی کیماڑی
501	غلام رسول ولد اللہ بخش	بمکان نمبر 1548، شاہ فیصل کالونی، کراچی شرقی	بمکان نمبر 1548، شاہ فیصل کالونی، کراچی شرقی
502	محمد یوسف ولد محمد ابراہیم	بمکان نمبر 528، محلہ ملیر سٹی، کراچی ملیر	بمکان نمبر 528، محلہ ملیر سٹی، کراچی ملیر
503	محمد عارف ولد محمد اسلم	بمکان نمبر A-55، سیکٹر 5، نیو کراچی، کراچی	بمکان نمبر A-55، سیکٹر 5، نیو کراچی، کراچی
504	شاہد حسین ولد فدا حسین	بمکان نمبر 105، بلاک 13، فیڈرل بی ایریا، کراچی وسطی	بمکان نمبر 105، بلاک 13، فیڈرل بی ایریا، کراچی وسطی
505	عبدالرزاق ولد حاجی احمد	بمکان نمبر 1058، محلہ بلدیہ ٹاؤن، کراچی کیماڑی	بمکان نمبر 1058، محلہ بلدیہ ٹاؤن، کراچی کیماڑی
506	غلام رسول ولد اللہ بخش	بمکان نمبر 1548، شاہ فیصل کالونی، کراچی شرقی	بمکان نمبر 1548، شاہ فیصل کالونی، کراچی شرقی
507	محمد یوسف ولد محمد ابراہیم	بمکان نمبر 528، محلہ ملیر سٹی، کراچی ملیر	بمکان نمبر 528، محلہ ملیر سٹی، کراچی ملیر
508	محمد عارف ولد محمد اسلم	بمکان نمبر A-55، سیکٹر 5، نیو کراچی، کراچی	بمکان نمبر A-55، سیکٹر 5، نیو کراچی، کراچی
509	شاہد حسین ولد فدا حسین	بمکان نمبر 105، بلاک 13، فیڈرل بی ایریا، کراچی وسطی	بمکان نمبر 105، بلاک 13، فیڈرل بی ایریا، کراچی وسطی
510	عبدالرزاق ولد حاجی احمد	بمکان نمبر 1058، محلہ بلدیہ ٹاؤن، کراچی کیماڑی	بمکان نمبر 1058، محلہ بلدیہ ٹاؤن، کراچی کیماڑی
511	غلام رسول ولد اللہ بخش	بمکان نمبر 1548، شاہ فیصل کالونی، کراچی شرقی	بمکان نمبر 1548، شاہ فیصل کالونی، کراچی شرقی
512	محمد یوسف ولد محمد ابراہیم	بمکان نمبر 528، محلہ ملیر سٹی، کراچی ملیر	بمکان نمبر 528، محلہ ملیر سٹی، کراچی ملیر
513	محمد عارف ولد محمد اسلم	بمکان نمبر A-55، سیکٹر 5، نیو کراچی، کراچی	بمکان نمبر A-55، سیکٹر 5، نیو کراچی، کراچی
514	شاہد حسین ولد فدا حسین	بمکان نمبر 105، بلاک 13، فیڈرل بی ایریا، کراچی وسطی	بمکان نمبر 105، بلاک 13، فیڈرل بی ایریا، کراچی وسطی
515	عبدالرزاق ولد حاجی احمد	بمکان نمبر 1058، محلہ بلدیہ ٹاؤن، کراچی کیماڑی	بمکان نمبر 1058، محلہ بلدیہ ٹاؤن، کراچی کیماڑی
516	غلام رسول ولد اللہ بخش	بمکان نمبر 1548، شاہ فیصل کالونی، کراچی شرقی	بمکان نمبر 1548، شاہ فیصل کالونی، کراچی شرقی
517	محمد یوسف ولد محمد ابراہیم	بمکان نمبر 528، محلہ ملیر سٹی، کراچی ملیر	بمکان نمبر 528، محلہ ملیر سٹی، کراچی ملیر
518	محمد عارف ولد محمد اسلم	بمکان نمبر A-55، سیکٹر 5، نیو کراچی، کراچی	بمکان نمبر A-55، سیکٹر 5، نیو کراچی، کراچی
519	شاہد حسین ولد فدا حسین	بمکان نمبر 105، بلاک 13، فیڈرل بی ایریا، کراچی وسطی	بمکان نمبر 105، بلاک 13، فیڈرل بی ایریا، کراچی وسطی
520	عبدالرزاق ولد حاجی احمد	بمکان نمبر 1058، محلہ بلدیہ ٹاؤن، کراچی کیماڑی	بمکان نمبر 1058، محلہ بلدیہ ٹاؤن، کراچی کیماڑی
521	غلام رسول ولد اللہ بخش	بمکان نمبر 1548، شاہ فیصل کالونی، کراچی شرقی	بمکان نمبر 1548، شاہ فیصل کالونی، کراچی شرقی
522	محمد یوسف ولد محمد ابراہیم	بمکان نمبر 528، محلہ ملیر سٹی، کراچی ملیر	بمکان نمبر 528، محلہ ملیر سٹی، کراچی ملیر
523	محمد عارف ولد محمد اسلم	بمکان نمبر A-55، سیکٹر 5، نیو کراچی، کراچی	بمکان نمبر A-55، سیکٹر 5، نیو کراچی، کراچی
524	شاہد حسین ولد فدا حسین	بمکان نمبر 105، بلاک 13، فیڈرل بی ایریا، کراچی وسطی	بمکان نمبر 105، بلاک 13، فیڈرل بی ایریا، کراچی وسطی
525	عبدالرزاق ولد حاجی احمد	بمکان نمبر 1058، محلہ بلدیہ ٹاؤن، کراچی کیماڑی	بمکان نمبر 1058، محلہ بلدیہ ٹاؤن، کراچی کیماڑی
526	غلام رسول ولد اللہ بخش	بمکان نمبر 1548، شاہ فیصل کالونی، کراچی شرقی	بمکان نمبر 1548، شاہ فیصل کالونی، کراچی شرقی
527	محمد یوسف ولد محمد ابراہیم	بمکان نمبر 528، محلہ ملیر سٹی، کراچی ملیر	بمکان نمبر 528، محلہ ملیر سٹی، کراچی ملیر
528	محمد عارف ولد محمد اسلم	بمکان نمبر A-55، سیکٹر 5، نیو کراچی، کراچی	بمکان نمبر A-55، سیکٹر 5، نیو کراچی، کراچی
529	شاہد حسین ولد فدا حسین	بمکان نمبر 105، بلاک 13، فیڈرل بی ایریا، کراچی وسطی	بمکان نمبر 105، بلاک 13، فیڈرل بی ایریا، کراچی وسطی
530	عبدالرزاق ولد حاجی احمد	بمکان نمبر 1058، محلہ بلدیہ ٹاؤن، کراچی کیماڑی	بمکان نمبر 1058، محلہ بلدیہ ٹاؤن، کراچی کیماڑی
531	غلام رسول ولد اللہ بخش	بمکان نمبر 1548، شاہ فیصل کالونی، کراچی شرقی	بمکان نمبر 1548، شاہ فیصل کالونی، کراچی شرقی
532	محمد یوسف ولد محمد ابراہیم	بمکان نمبر 528، محلہ ملیر سٹی، کراچی ملیر	بمکان نمبر 528، محلہ ملیر سٹی، کراچی ملیر
533	محمد عارف ولد محمد اسلم	بمکان نمبر A-55، سیکٹر 5، نیو کراچی، کراچی	بمکان نمبر A-55، سیکٹر 5، نیو کراچی، کراچی
534	شاہد حسین ولد فدا حسین	بمکان نمبر 105، بلاک 13، فیڈرل بی ایریا، کراچی وسطی	بمکان نمبر 105، بلاک 13، فیڈرل بی ایریا، کراچی وسطی
535	عبدالرزاق ولد حاجی احمد	بمکان نمبر 1058، محلہ بلدیہ ٹاؤن، کراچی کیماڑی	بمکان نمبر 1058، محلہ بلدیہ ٹاؤن، کراچی کیماڑی
536	غلام رسول ولد اللہ بخش	بمکان نمبر 1548، شاہ فیصل کالونی، کراچی شرقی	بمکان نمبر 1548، شاہ فیصل کالونی، کراچی شرقی
537	محمد یوسف ولد محمد ابراہیم	بمکان نمبر 528، محلہ ملیر سٹی، کراچی ملیر	بمکان نمبر 528، محلہ ملیر سٹی، کراچی ملیر
538	محمد عارف ولد محمد اسلم	بمکان نمبر A-55، سیکٹر 5، نیو کراچی، کراچی	بمکان نمبر A-55، سیکٹر 5، نیو کراچی، کراچی
PID (I) 1584/26
